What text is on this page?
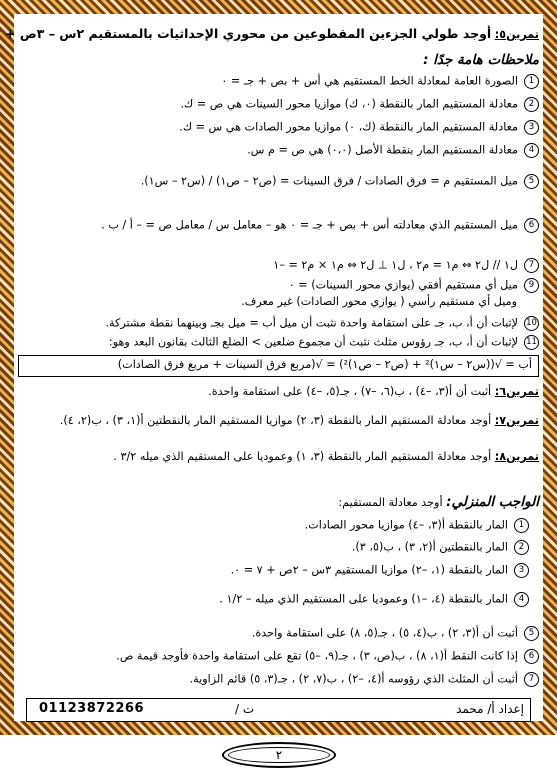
تمرين٥: أوجد طولي الجزءين المقطوعين من محوري الإحداثيات بالمستقيم ٢س – ٣ص +
ملاحظات هامة جدًا :
1الصورة العامة لمعادلة الخط المستقيم هي أس + بص + جـ = ٠
2معادلة المستقيم المار بالنقطة (٠، ك) موازيا محور السينات هي ص = ك.
3معادلة المستقيم المار بالنقطة (ك، ٠) موازيا محور الصادات هي س = ك.
4معادلة المستقيم المار بنقطة الأصل (٠،٠) هي ص = م س.
5ميل المستقيم م = فرق الصادات / فرق السينات = (ص٢ – ص١) / (س٢ – س١).
6ميل المستقيم الذي معادلته أس + بص + جـ = ٠ هو – معامل س / معامل ص = – أ / ب .
7ل١ // ل٢ ⇔ م١ = م٢ ، ل١ ⊥ ل٢ ⇔ م١ × م٢ = –١
9ميل أي مستقيم أفقي (يوازي محور السينات) = ٠
وميل أي مستقيم رأسي ( يوازي محور الصادات) غير معرف.
10لإثبات أن أ، ب، جـ على استقامة واحدة نثبت أن ميل أب = ميل بجـ وبينهما نقطة مشتركة.
11لإثبات أن أ، ب، جـ رؤوس مثلث نثبت أن مجموع ضلعين > الضلع الثالث بقانون البعد وهو:
أب = √((س٢ – س١)² + (ص٢ – ص١)²) = √(مربع فرق السينات + مربع فرق الصادات)
تمرين٦: أثبت أن أ(٣، –٤) ، ب(٦، –٧) ، جـ(٥، –٤) على استقامة واحدة.
تمرين٧: أوجد معادلة المستقيم المار بالنقطة (٣، ٢) موازيا المستقيم المار بالنقطتين أ(١، ٣) ، ب(٢، ٤).
تمرين٨: أوجد معادلة المستقيم المار بالنقطة (٣، ١) وعموديا على المستقيم الذي ميله ٣/٢ .
الواجب المنزلي: أوجد معادلة المستقيم:
1المار بالنقطة أ(٣، –٤) موازيا محور الصادات.
2المار بالنقطتين أ(٢، ٣) ، ب(٥، ٣).
3المار بالنقطة (١، –٢) موازيا المستقيم ٣س – ٢ص + ٧ = ٠.
4المار بالنقطة (٤، –١) وعموديا على المستقيم الذي ميله – ١/٢ .
5أثبت أن أ(٣، ٢) ، ب(٤، ٥) ، جـ(٥، ٨) على استقامة واحدة.
6إذا كانت النقط أ(١، ٨) ، ب(ص، ٣) ، جـ(٩، –٥) تقع على استقامة واحدة فأوجد قيمة ص.
7أثبت أن المثلث الذي رؤوسه أ(٤، –٢) ، ب(٧، ٢) ، جـ(٣، ٥) قائم الزاوية.
إعداد أ/ محمد
ت /
01123872266
٢
